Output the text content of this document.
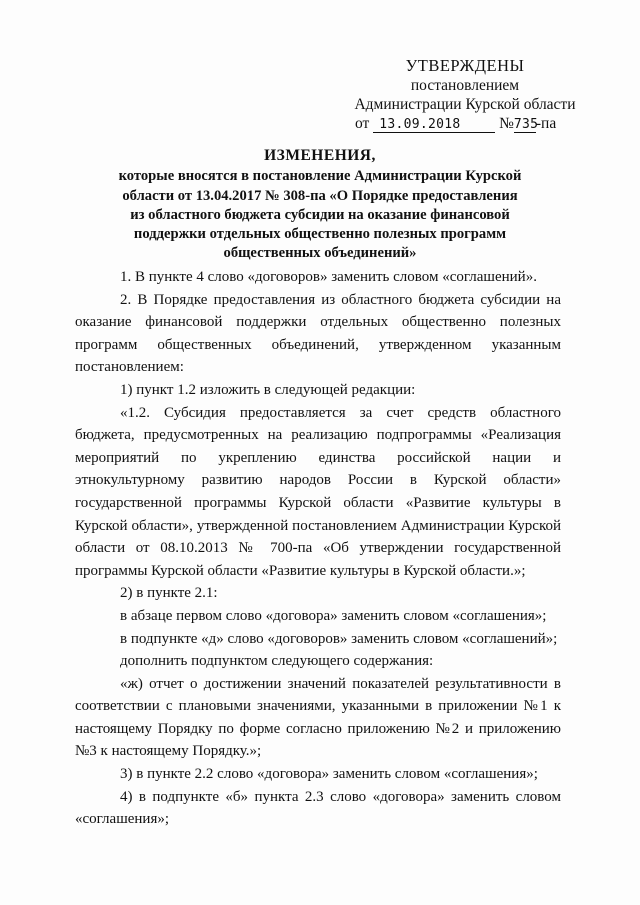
УТВЕРЖДЕНЫ
постановлением
Администрации Курской области
от 13.09.2018 №735-па
ИЗМЕНЕНИЯ,
которые вносятся в постановление Администрации Курской
области от 13.04.2017 № 308-па «О Порядке предоставления
из областного бюджета субсидии на оказание финансовой
поддержки отдельных общественно полезных программ
общественных объединений»

1. В пункте 4 слово «договоров» заменить словом «соглашений».

2. В Порядке предоставления из областного бюджета субсидии на оказание финансовой поддержки отдельных общественно полезных программ общественных объединений, утвержденном указанным постановлением:

1) пункт 1.2 изложить в следующей редакции:

«1.2. Субсидия предоставляется за счет средств областного бюджета, предусмотренных на реализацию подпрограммы «Реализация мероприятий по укреплению единства российской нации и этнокультурному развитию народов России в Курской области» государственной программы Курской области «Развитие культуры в Курской области», утвержденной постановлением Администрации Курской области от 08.10.2013 № 700-па «Об утверждении государственной программы Курской области «Развитие культуры в Курской области.»;

2) в пункте 2.1:

в абзаце первом слово «договора» заменить словом «соглашения»;

в подпункте «д» слово «договоров» заменить словом «соглашений»;

дополнить подпунктом следующего содержания:

«ж) отчет о достижении значений показателей результативности в соответствии с плановыми значениями, указанными в приложении №1 к настоящему Порядку по форме согласно приложению №2 и приложению №3 к настоящему Порядку.»;

3) в пункте 2.2 слово «договора» заменить словом «соглашения»;

4) в подпункте «б» пункта 2.3 слово «договора» заменить словом «соглашения»;
